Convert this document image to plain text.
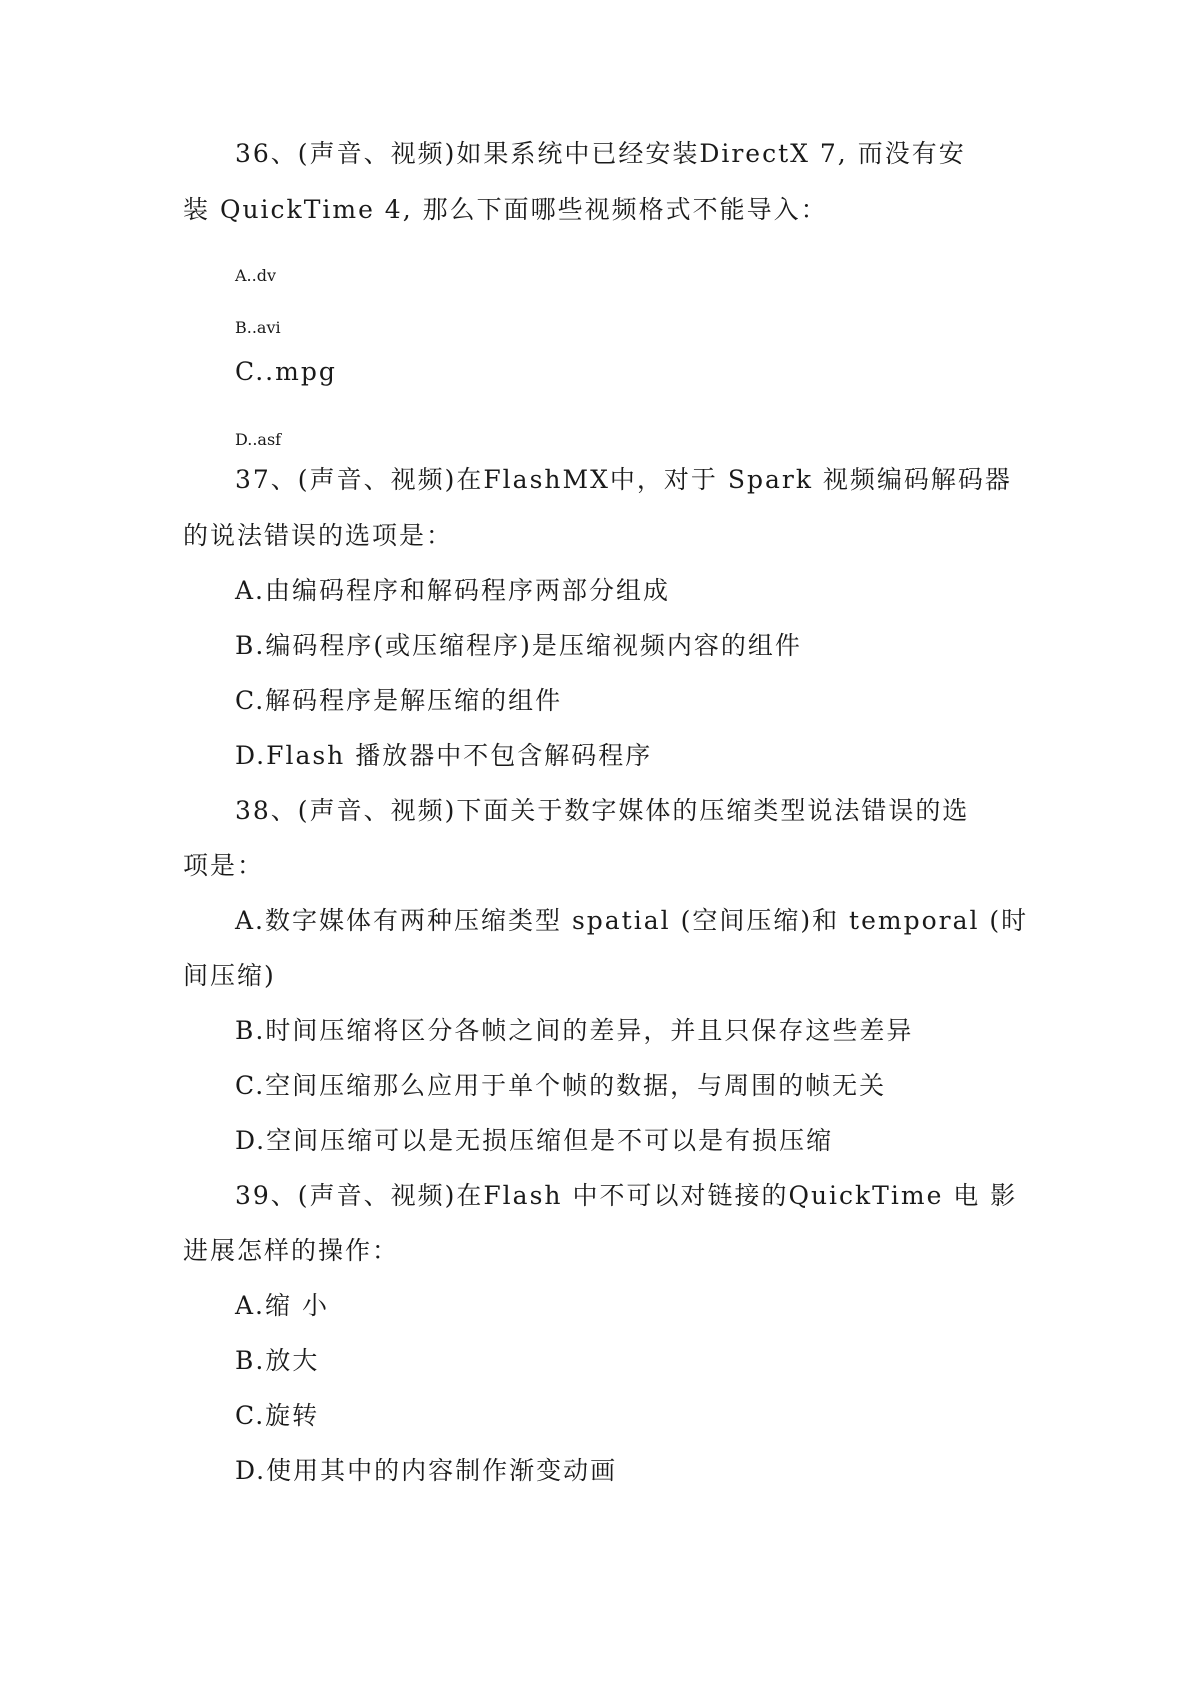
36、(声音、视频)如果系统中已经安装DirectX 7, 而没有安
装 QuickTime 4, 那么下面哪些视频格式不能导入：
A..dv
B..avi
C..mpg
D..asf
37、(声音、视频)在FlashMX中，对于 Spark 视频编码解码器
的说法错误的选项是：
A.由编码程序和解码程序两部分组成
B.编码程序(或压缩程序)是压缩视频内容的组件
C.解码程序是解压缩的组件
D.Flash 播放器中不包含解码程序
38、(声音、视频)下面关于数字媒体的压缩类型说法错误的选
项是：
A.数字媒体有两种压缩类型 spatial (空间压缩)和 temporal (时
间压缩)
B.时间压缩将区分各帧之间的差异，并且只保存这些差异
C.空间压缩那么应用于单个帧的数据，与周围的帧无关
D.空间压缩可以是无损压缩但是不可以是有损压缩
39、(声音、视频)在Flash 中不可以对链接的QuickTime 电 影
进展怎样的操作：
A.缩 小
B.放大
C.旋转
D.使用其中的内容制作渐变动画
